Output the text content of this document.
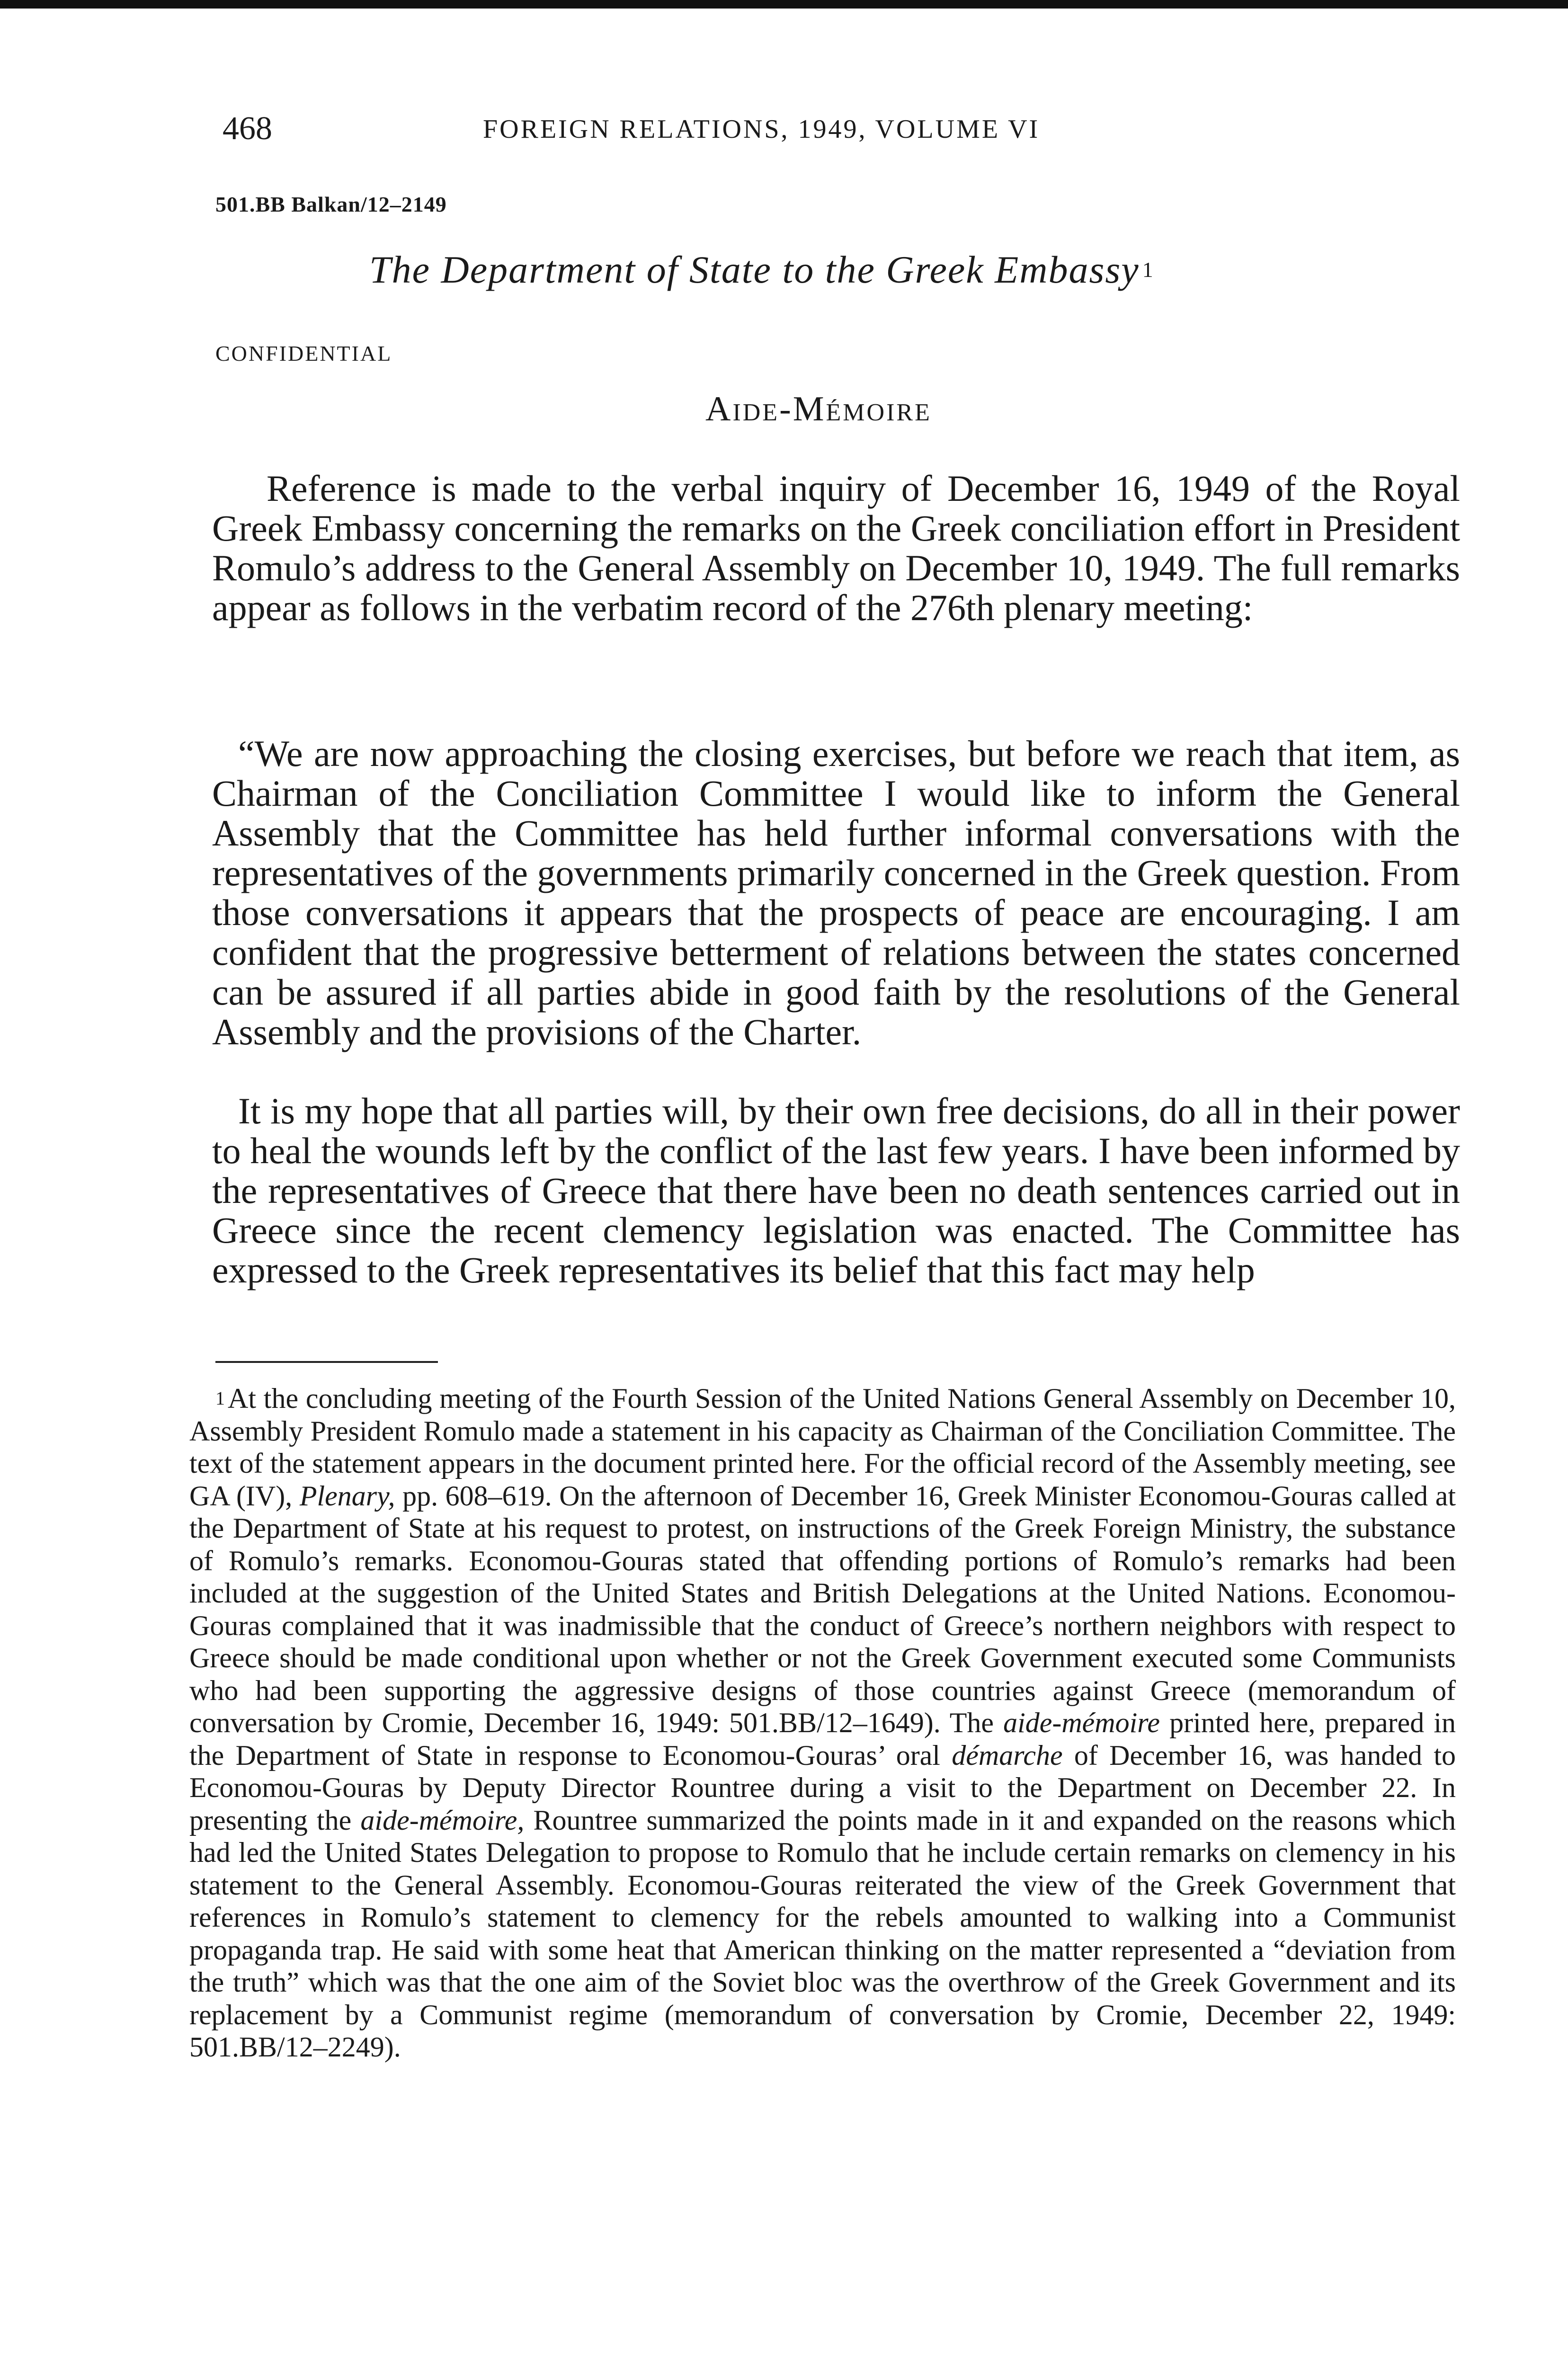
468	FOREIGN RELATIONS, 1949, VOLUME VI
501.BB Balkan/12–2149
The Department of State to the Greek Embassy $^1$
CONFIDENTIAL
Aide-Mémoire

Reference is made to the verbal inquiry of December 16, 1949 of the Royal Greek Embassy concerning the remarks on the Greek conciliation effort in President Romulo’s address to the General Assembly on December 10, 1949. The full remarks appear as follows in the verbatim record of the 276th plenary meeting:

“We are now approaching the closing exercises, but before we reach that item, as Chairman of the Conciliation Committee I would like to inform the General Assembly that the Committee has held further informal conversations with the representatives of the governments primarily concerned in the Greek question. From those conversations it appears that the prospects of peace are encouraging. I am confident that the progressive betterment of relations between the states concerned can be assured if all parties abide in good faith by the resolutions of the General Assembly and the provisions of the Charter.

It is my hope that all parties will, by their own free decisions, do all in their power to heal the wounds left by the conflict of the last few years. I have been informed by the representatives of Greece that there have been no death sentences carried out in Greece since the recent clemency legislation was enacted. The Committee has expressed to the Greek representatives its belief that this fact may help

$^1$ At the concluding meeting of the Fourth Session of the United Nations General Assembly on December 10, Assembly President Romulo made a statement in his capacity as Chairman of the Conciliation Committee. The text of the statement appears in the document printed here. For the official record of the Assembly meeting, see GA (IV), Plenary, pp. 608–619. On the afternoon of December 16, Greek Minister Economou-Gouras called at the Department of State at his request to protest, on instructions of the Greek Foreign Ministry, the substance of Romulo’s remarks. Economou-Gouras stated that offending portions of Romulo’s remarks had been included at the suggestion of the United States and British Delegations at the United Nations. Economou-Gouras complained that it was inadmissible that the conduct of Greece’s northern neighbors with respect to Greece should be made conditional upon whether or not the Greek Government executed some Communists who had been supporting the aggressive designs of those countries against Greece (memorandum of conversation by Cromie, December 16, 1949: 501.BB/12–1649). The aide-mémoire printed here, prepared in the Department of State in response to Economou-Gouras’ oral démarche of December 16, was handed to Economou-Gouras by Deputy Director Rountree during a visit to the Department on December 22. In presenting the aide-mémoire, Rountree summarized the points made in it and expanded on the reasons which had led the United States Delegation to propose to Romulo that he include certain remarks on clemency in his statement to the General Assembly. Economou-Gouras reiterated the view of the Greek Government that references in Romulo’s statement to clemency for the rebels amounted to walking into a Communist propaganda trap. He said with some heat that American thinking on the matter represented a “deviation from the truth” which was that the one aim of the Soviet bloc was the overthrow of the Greek Government and its replacement by a Communist regime (memorandum of conversation by Cromie, December 22, 1949: 501.BB/12–2249).
